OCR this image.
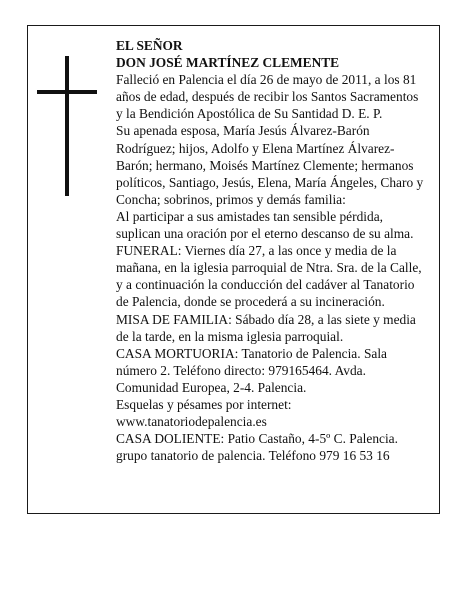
EL SEÑOR

DON JOSÉ MARTÍNEZ CLEMENTE

Falleció en Palencia el día 26 de mayo de 2011, a los 81 años de edad, después de recibir los Santos Sacramentos y la Bendición Apostólica de Su Santidad D. E. P.

Su apenada esposa, María Jesús Álvarez-Barón Rodríguez; hijos, Adolfo y Elena Martínez Álvarez-Barón; hermano, Moisés Martínez Clemente; hermanos políticos, Santiago, Jesús, Elena, María Ángeles, Charo y Concha; sobrinos, primos y demás familia:

Al participar a sus amistades tan sensible pérdida, suplican una oración por el eterno descanso de su alma.

FUNERAL: Viernes día 27, a las once y media de la mañana, en la iglesia parroquial de Ntra. Sra. de la Calle, y a continuación la conducción del cadáver al Tanatorio de Palencia, donde se procederá a su incineración.

MISA DE FAMILIA: Sábado día 28, a las siete y media de la tarde, en la misma iglesia parroquial.

CASA MORTUORIA: Tanatorio de Palencia. Sala número 2. Teléfono directo: 979165464. Avda. Comunidad Europea, 2-4. Palencia.

Esquelas y pésames por internet: www.tanatoriodepalencia.es

CASA DOLIENTE: Patio Castaño, 4-5º C. Palencia. grupo tanatorio de palencia. Teléfono 979 16 53 16
